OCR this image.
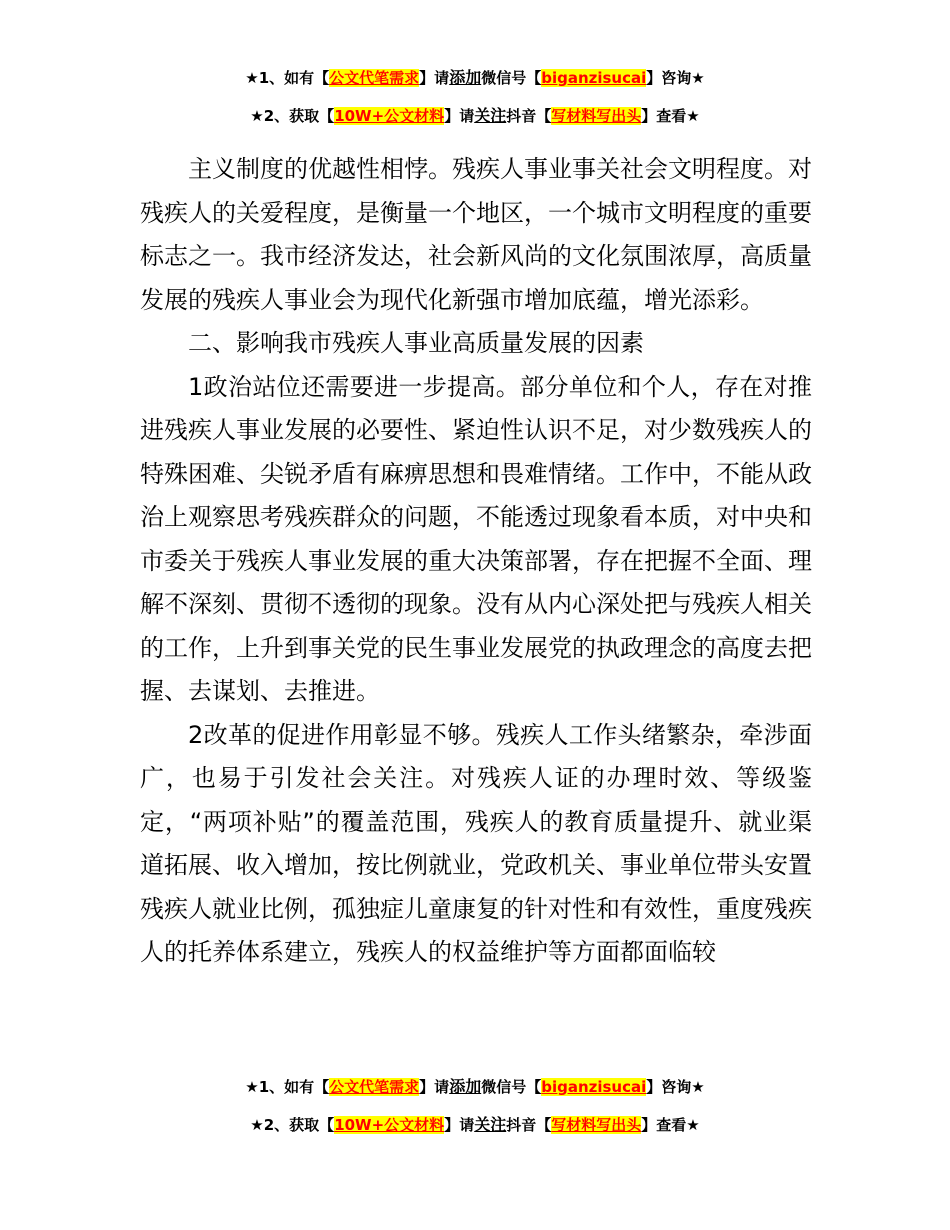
★1、如有【公文代笔需求】请添加微信号【biganzisucai】咨询★
★2、获取【10W+公文材料】请关注抖音【写材料写出头】查看★

主义制度的优越性相悖。残疾人事业事关社会文明程度。对残疾人的关爱程度，是衡量一个地区，一个城市文明程度的重要标志之一。我市经济发达，社会新风尚的文化氛围浓厚，高质量发展的残疾人事业会为现代化新强市增加底蕴，增光添彩。

二、影响我市残疾人事业高质量发展的因素

1政治站位还需要进一步提高。部分单位和个人，存在对推进残疾人事业发展的必要性、紧迫性认识不足，对少数残疾人的特殊困难、尖锐矛盾有麻痹思想和畏难情绪。工作中，不能从政治上观察思考残疾群众的问题，不能透过现象看本质，对中央和市委关于残疾人事业发展的重大决策部署，存在把握不全面、理解不深刻、贯彻不透彻的现象。没有从内心深处把与残疾人相关的工作，上升到事关党的民生事业发展党的执政理念的高度去把握、去谋划、去推进。

2改革的促进作用彰显不够。残疾人工作头绪繁杂，牵涉面广，也易于引发社会关注。对残疾人证的办理时效、等级鉴定，“两项补贴”的覆盖范围，残疾人的教育质量提升、就业渠道拓展、收入增加，按比例就业，党政机关、事业单位带头安置残疾人就业比例，孤独症儿童康复的针对性和有效性，重度残疾人的托养体系建立，残疾人的权益维护等方面都面临较

★1、如有【公文代笔需求】请添加微信号【biganzisucai】咨询★
★2、获取【10W+公文材料】请关注抖音【写材料写出头】查看★
